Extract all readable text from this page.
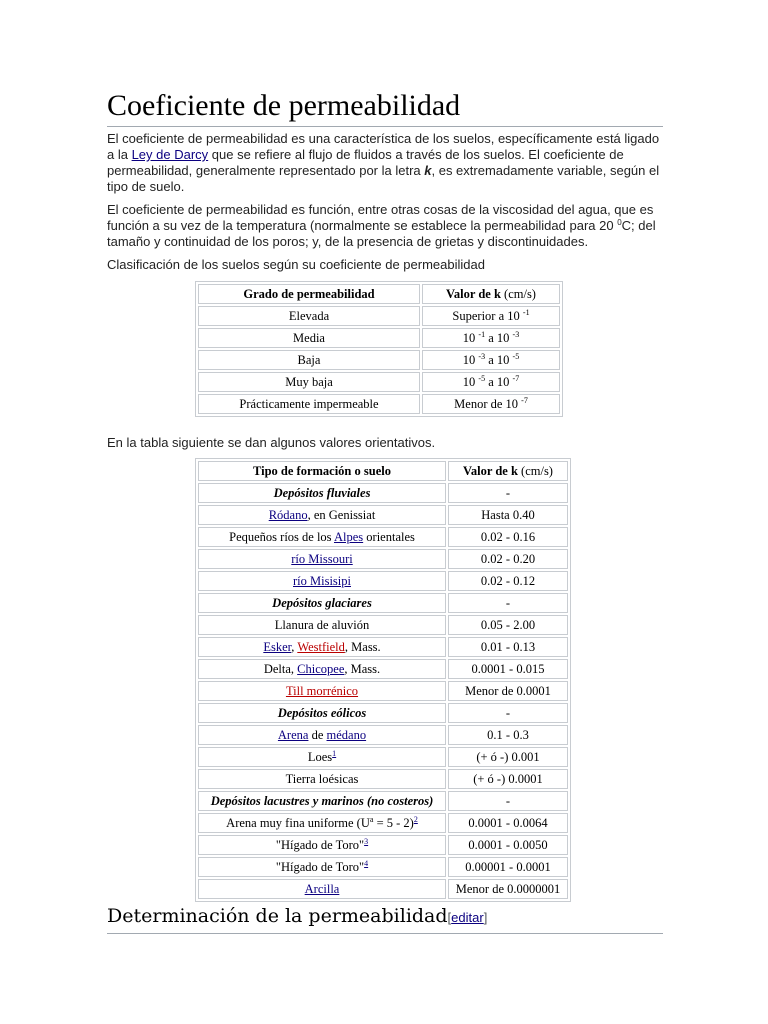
Coeficiente de permeabilidad

El coeficiente de permeabilidad es una característica de los suelos, específicamente está ligado a la Ley de Darcy que se refiere al flujo de fluidos a través de los suelos. El coeficiente de permeabilidad, generalmente representado por la letra k, es extremadamente variable, según el tipo de suelo.

El coeficiente de permeabilidad es función, entre otras cosas de la viscosidad del agua, que es función a su vez de la temperatura (normalmente se establece la permeabilidad para 20 $^0$C; del tamaño y continuidad de los poros; y, de la presencia de grietas y discontinuidades.

Clasificación de los suelos según su coeficiente de permeabilidad

Grado de permeabilidad	Valor de k (cm/s)
Elevada	Superior a 10 $^{-1}$
Media	10 $^{-1}$ a 10 $^{-3}$
Baja	10 $^{-3}$ a 10 $^{-5}$
Muy baja	10 $^{-5}$ a 10 $^{-7}$
Prácticamente impermeable	Menor de 10 $^{-7}$

En la tabla siguiente se dan algunos valores orientativos.

Tipo de formación o suelo	Valor de k (cm/s)
Depósitos fluviales	-
Ródano, en Genissiat	Hasta 0.40
Pequeños ríos de los Alpes orientales	0.02 - 0.16
río Missouri	0.02 - 0.20
río Misisipi	0.02 - 0.12
Depósitos glaciares	-
Llanura de aluvión	0.05 - 2.00
Esker, Westfield, Mass.	0.01 - 0.13
Delta, Chicopee, Mass.	0.0001 - 0.015
Till morrénico	Menor de 0.0001
Depósitos eólicos	-
Arena de médano	0.1 - 0.3
Loes$^1$	(+ ó -) 0.001
Tierra loésicas	(+ ó -) 0.0001
Depósitos lacustres y marinos (no costeros)	-
Arena muy fina uniforme $(U^a = 5 - 2)^2$	0.0001 - 0.0064
"Hígado de Toro"$^3$	0.0001 - 0.0050
"Hígado de Toro"$^4$	0.00001 - 0.0001
Arcilla	Menor de 0.0000001
Determinación de la permeabilidad[editar]
